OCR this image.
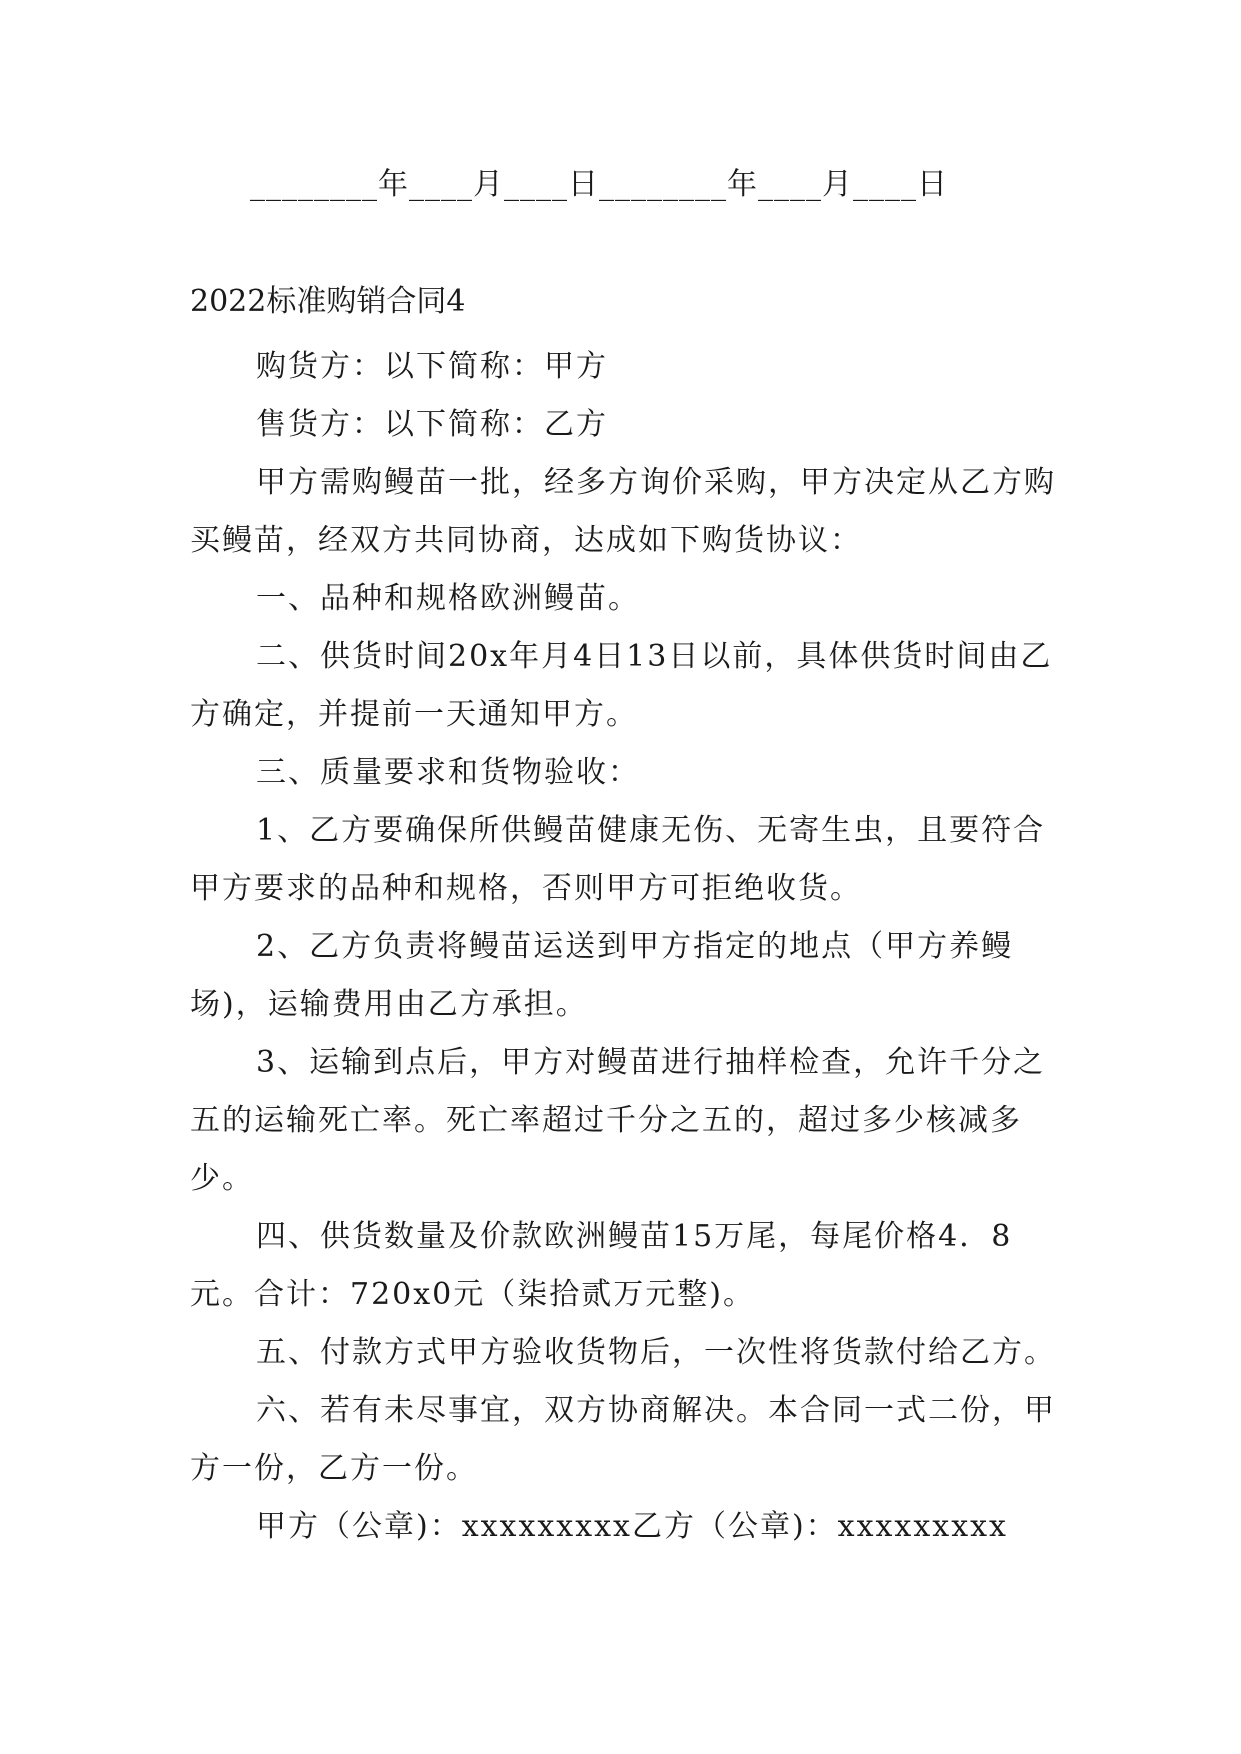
________年____月____日________年____月____日
2022标准购销合同4

购货方：以下简称：甲方

售货方：以下简称：乙方

甲方需购鳗苗一批，经多方询价采购，甲方决定从乙方购买鳗苗，经双方共同协商，达成如下购货协议：

一、品种和规格欧洲鳗苗。

二、供货时间20x年月4日13日以前，具体供货时间由乙方确定，并提前一天通知甲方。

三、质量要求和货物验收：

1、乙方要确保所供鳗苗健康无伤、无寄生虫，且要符合甲方要求的品种和规格，否则甲方可拒绝收货。

2、乙方负责将鳗苗运送到甲方指定的地点（甲方养鳗场)，运输费用由乙方承担。

3、运输到点后，甲方对鳗苗进行抽样检查，允许千分之五的运输死亡率。死亡率超过千分之五的，超过多少核减多少。

四、供货数量及价款欧洲鳗苗15万尾，每尾价格4．8元。合计：720x0元（柒拾贰万元整)。

五、付款方式甲方验收货物后，一次性将货款付给乙方。

六、若有未尽事宜，双方协商解决。本合同一式二份，甲方一份，乙方一份。

甲方（公章)：xxxxxxxxx乙方（公章)：xxxxxxxxx
